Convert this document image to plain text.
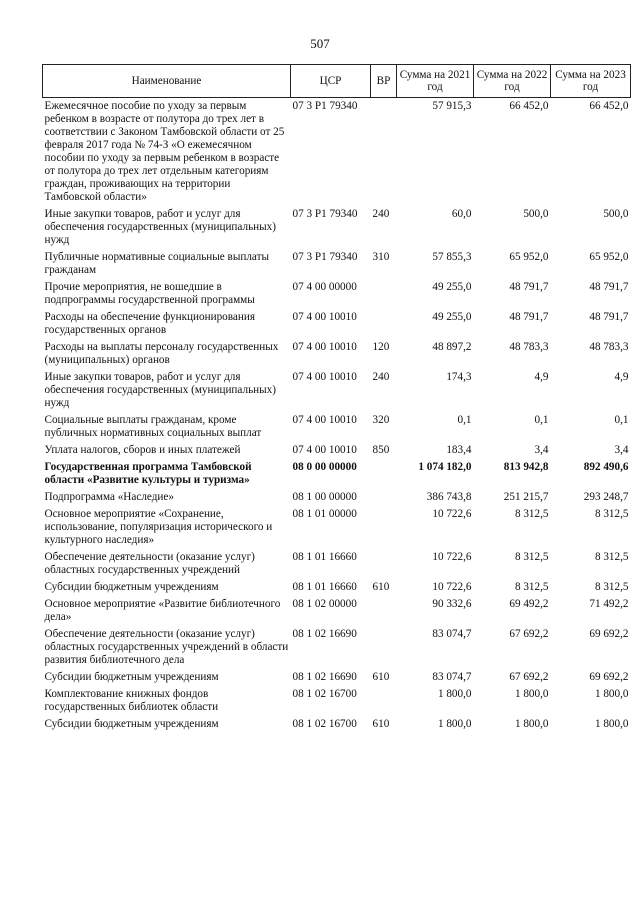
507
Наименование	ЦСР	ВР	Сумма на 2021 год	Сумма на 2022 год	Сумма на 2023 год
Ежемесячное пособие по уходу за первым ребенком в возрасте от полутора до трех лет в соответствии с Законом Тамбовской области от 25 февраля 2017 года № 74-З «О ежемесячном пособии по уходу за первым ребенком в возрасте от полутора до трех лет отдельным категориям граждан, проживающих на территории Тамбовской области»	07 3 P1 79340		57 915,3	66 452,0	66 452,0
Иные закупки товаров, работ и услуг для обеспечения государственных (муниципальных) нужд	07 3 P1 79340	240	60,0	500,0	500,0
Публичные нормативные социальные выплаты гражданам	07 3 P1 79340	310	57 855,3	65 952,0	65 952,0
Прочие мероприятия, не вошедшие в подпрограммы государственной программы	07 4 00 00000		49 255,0	48 791,7	48 791,7
Расходы на обеспечение функционирования государственных органов	07 4 00 10010		49 255,0	48 791,7	48 791,7
Расходы на выплаты персоналу государственных (муниципальных) органов	07 4 00 10010	120	48 897,2	48 783,3	48 783,3
Иные закупки товаров, работ и услуг для обеспечения государственных (муниципальных) нужд	07 4 00 10010	240	174,3	4,9	4,9
Социальные выплаты гражданам, кроме публичных нормативных социальных выплат	07 4 00 10010	320	0,1	0,1	0,1
Уплата налогов, сборов и иных платежей	07 4 00 10010	850	183,4	3,4	3,4
Государственная программа Тамбовской области «Развитие культуры и туризма»	08 0 00 00000		1 074 182,0	813 942,8	892 490,6
Подпрограмма «Наследие»	08 1 00 00000		386 743,8	251 215,7	293 248,7
Основное мероприятие «Сохранение, использование, популяризация исторического и культурного наследия»	08 1 01 00000		10 722,6	8 312,5	8 312,5
Обеспечение деятельности (оказание услуг) областных государственных учреждений	08 1 01 16660		10 722,6	8 312,5	8 312,5
Субсидии бюджетным учреждениям	08 1 01 16660	610	10 722,6	8 312,5	8 312,5
Основное мероприятие «Развитие библиотечного дела»	08 1 02 00000		90 332,6	69 492,2	71 492,2
Обеспечение деятельности (оказание услуг) областных государственных учреждений в области развития библиотечного дела	08 1 02 16690		83 074,7	67 692,2	69 692,2
Субсидии бюджетным учреждениям	08 1 02 16690	610	83 074,7	67 692,2	69 692,2
Комплектование книжных фондов государственных библиотек области	08 1 02 16700		1 800,0	1 800,0	1 800,0
Субсидии бюджетным учреждениям	08 1 02 16700	610	1 800,0	1 800,0	1 800,0
